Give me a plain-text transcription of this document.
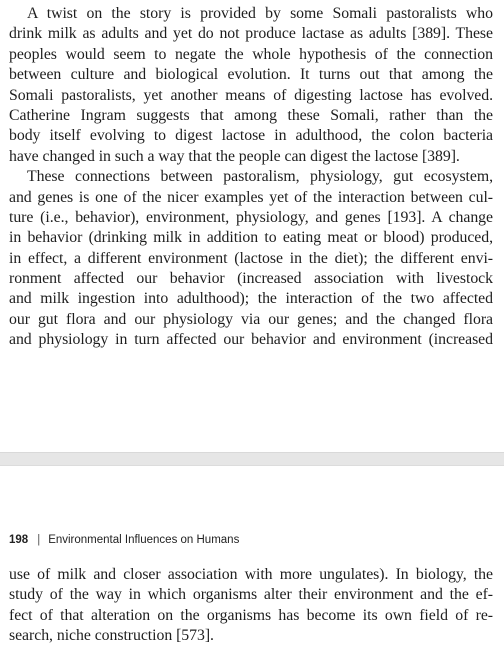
A twist on the story is provided by some Somali pastoralists who
drink milk as adults and yet do not produce lactase as adults [389]. These
peoples would seem to negate the whole hypothesis of the connection
between culture and biological evolution. It turns out that among the
Somali pastoralists, yet another means of digesting lactose has evolved.
Catherine Ingram suggests that among these Somali, rather than the
body itself evolving to digest lactose in adulthood, the colon bacteria
have changed in such a way that the people can digest the lactose [389].
These connections between pastoralism, physiology, gut ecosystem,
and genes is one of the nicer examples yet of the interaction between cul-
ture (i.e., behavior), environment, physiology, and genes [193]. A change
in behavior (drinking milk in addition to eating meat or blood) produced,
in effect, a different environment (lactose in the diet); the different envi-
ronment affected our behavior (increased association with livestock
and milk ingestion into adulthood); the interaction of the two affected
our gut flora and our physiology via our genes; and the changed flora
and physiology in turn affected our behavior and environment (increased
198 | Environmental Influences on Humans
use of milk and closer association with more ungulates). In biology, the
study of the way in which organisms alter their environment and the ef-
fect of that alteration on the organisms has become its own field of re-
search, niche construction [573].
